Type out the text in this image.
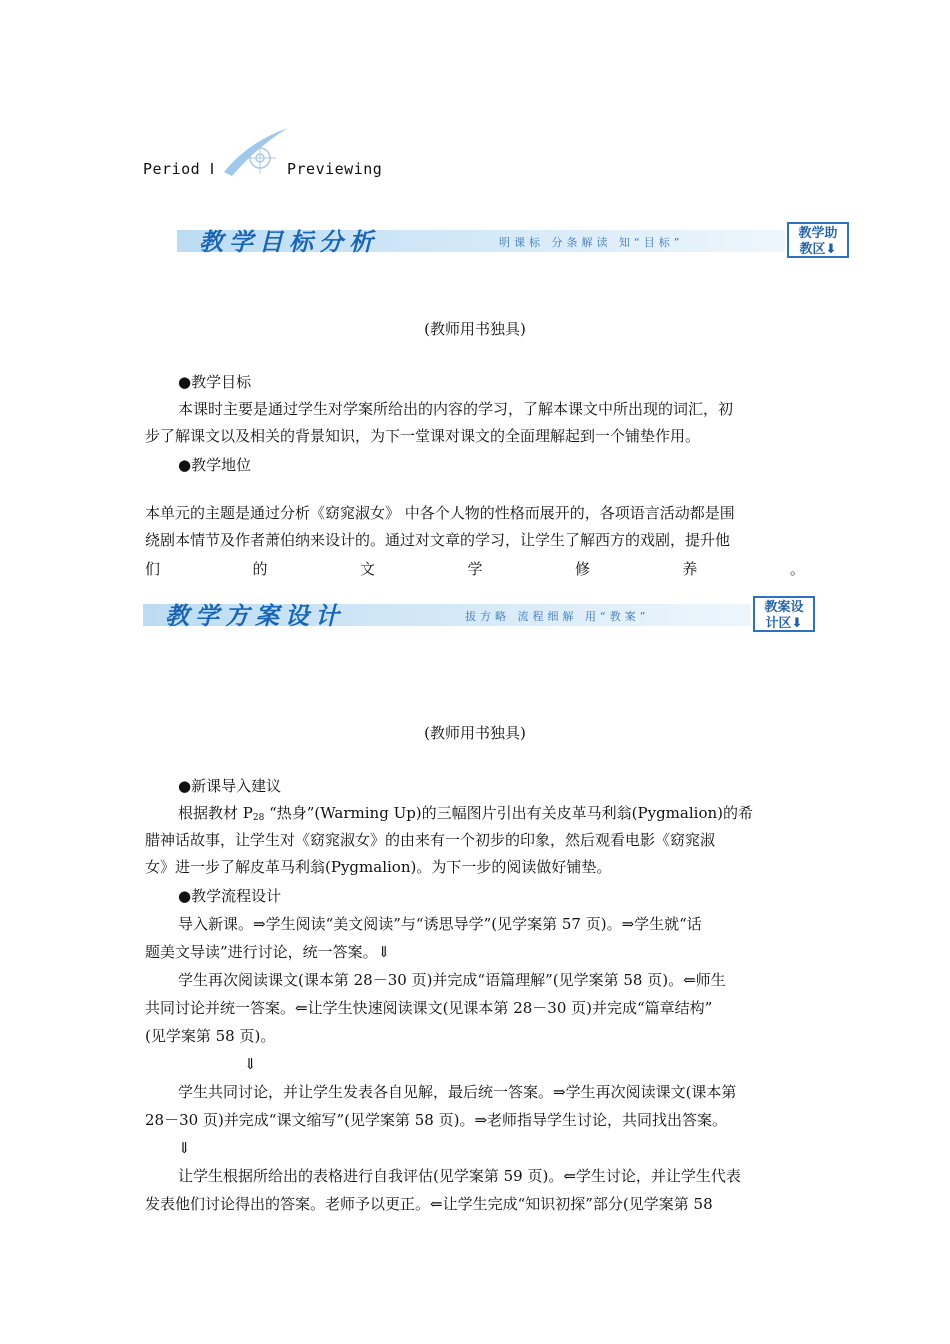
Period Ⅰ	Previewing
教学目标分析	明课标 分条解读 知“目标”
教学助
教区⬇
(教师用书独具)
●教学目标
本课时主要是通过学生对学案所给出的内容的学习，了解本课文中所出现的词汇，初
步了解课文以及相关的背景知识，为下一堂课对课文的全面理解起到一个铺垫作用。
●教学地位
本单元的主题是通过分析《窈窕淑女》 中各个人物的性格而展开的，各项语言活动都是围
绕剧本情节及作者萧伯纳来设计的。通过对文章的学习，让学生了解西方的戏剧，提升他
们	的	文	学	修	养	。
教学方案设计	拔方略 流程细解 用“教案”
教案设
计区⬇
(教师用书独具)
●新课导入建议
根据教材 $P_{28}$ “热身”(Warming Up)的三幅图片引出有关皮革马利翁(Pygmalion)的希
腊神话故事，让学生对《窈窕淑女》的由来有一个初步的印象，然后观看电影《窈窕淑
女》进一步了解皮革马利翁(Pygmalion)。为下一步的阅读做好铺垫。
●教学流程设计
导入新课。⇒学生阅读“美文阅读”与“诱思导学”(见学案第 57 页)。⇒学生就“话
题美文导读”进行讨论，统一答案。⇓
学生再次阅读课文(课本第 28－30 页)并完成“语篇理解”(见学案第 58 页)。⇐师生
共同讨论并统一答案。⇐让学生快速阅读课文(见课本第 28－30 页)并完成“篇章结构”
(见学案第 58 页)。
⇓
学生共同讨论，并让学生发表各自见解，最后统一答案。⇒学生再次阅读课文(课本第
28－30 页)并完成“课文缩写”(见学案第 58 页)。⇒老师指导学生讨论，共同找出答案。
⇓
让学生根据所给出的表格进行自我评估(见学案第 59 页)。⇐学生讨论，并让学生代表
发表他们讨论得出的答案。老师予以更正。⇐让学生完成“知识初探”部分(见学案第 58
